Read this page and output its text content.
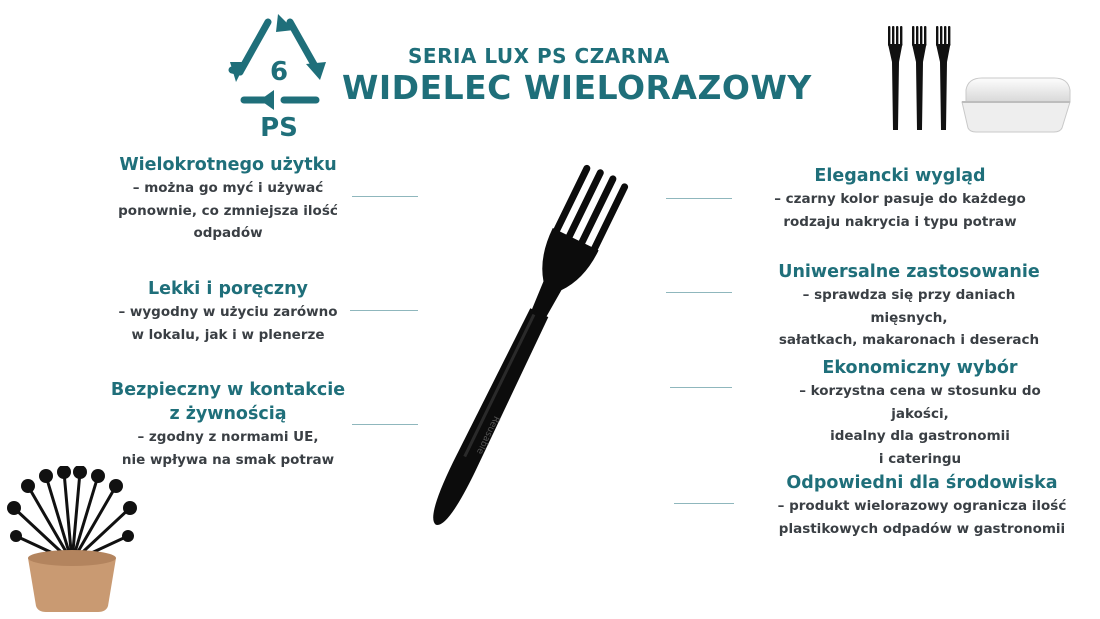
6
PS
SERIA LUX PS CZARNA
WIDELEC WIELORAZOWY
Reusable
Wielokrotnego użytku
– można go myć i używać
ponownie, co zmniejsza ilość
odpadów
Lekki i poręczny
– wygodny w użyciu zarówno
w lokalu, jak i w plenerze
Bezpieczny w kontakcie
z żywnością
– zgodny z normami UE,
nie wpływa na smak potraw
Elegancki wygląd
– czarny kolor pasuje do każdego
rodzaju nakrycia i typu potraw
Uniwersalne zastosowanie
– sprawdza się przy daniach mięsnych,
sałatkach, makaronach i deserach
Ekonomiczny wybór
– korzystna cena w stosunku do jakości,
idealny dla gastronomii
i cateringu
Odpowiedni dla środowiska
– produkt wielorazowy ogranicza ilość
plastikowych odpadów w gastronomii
